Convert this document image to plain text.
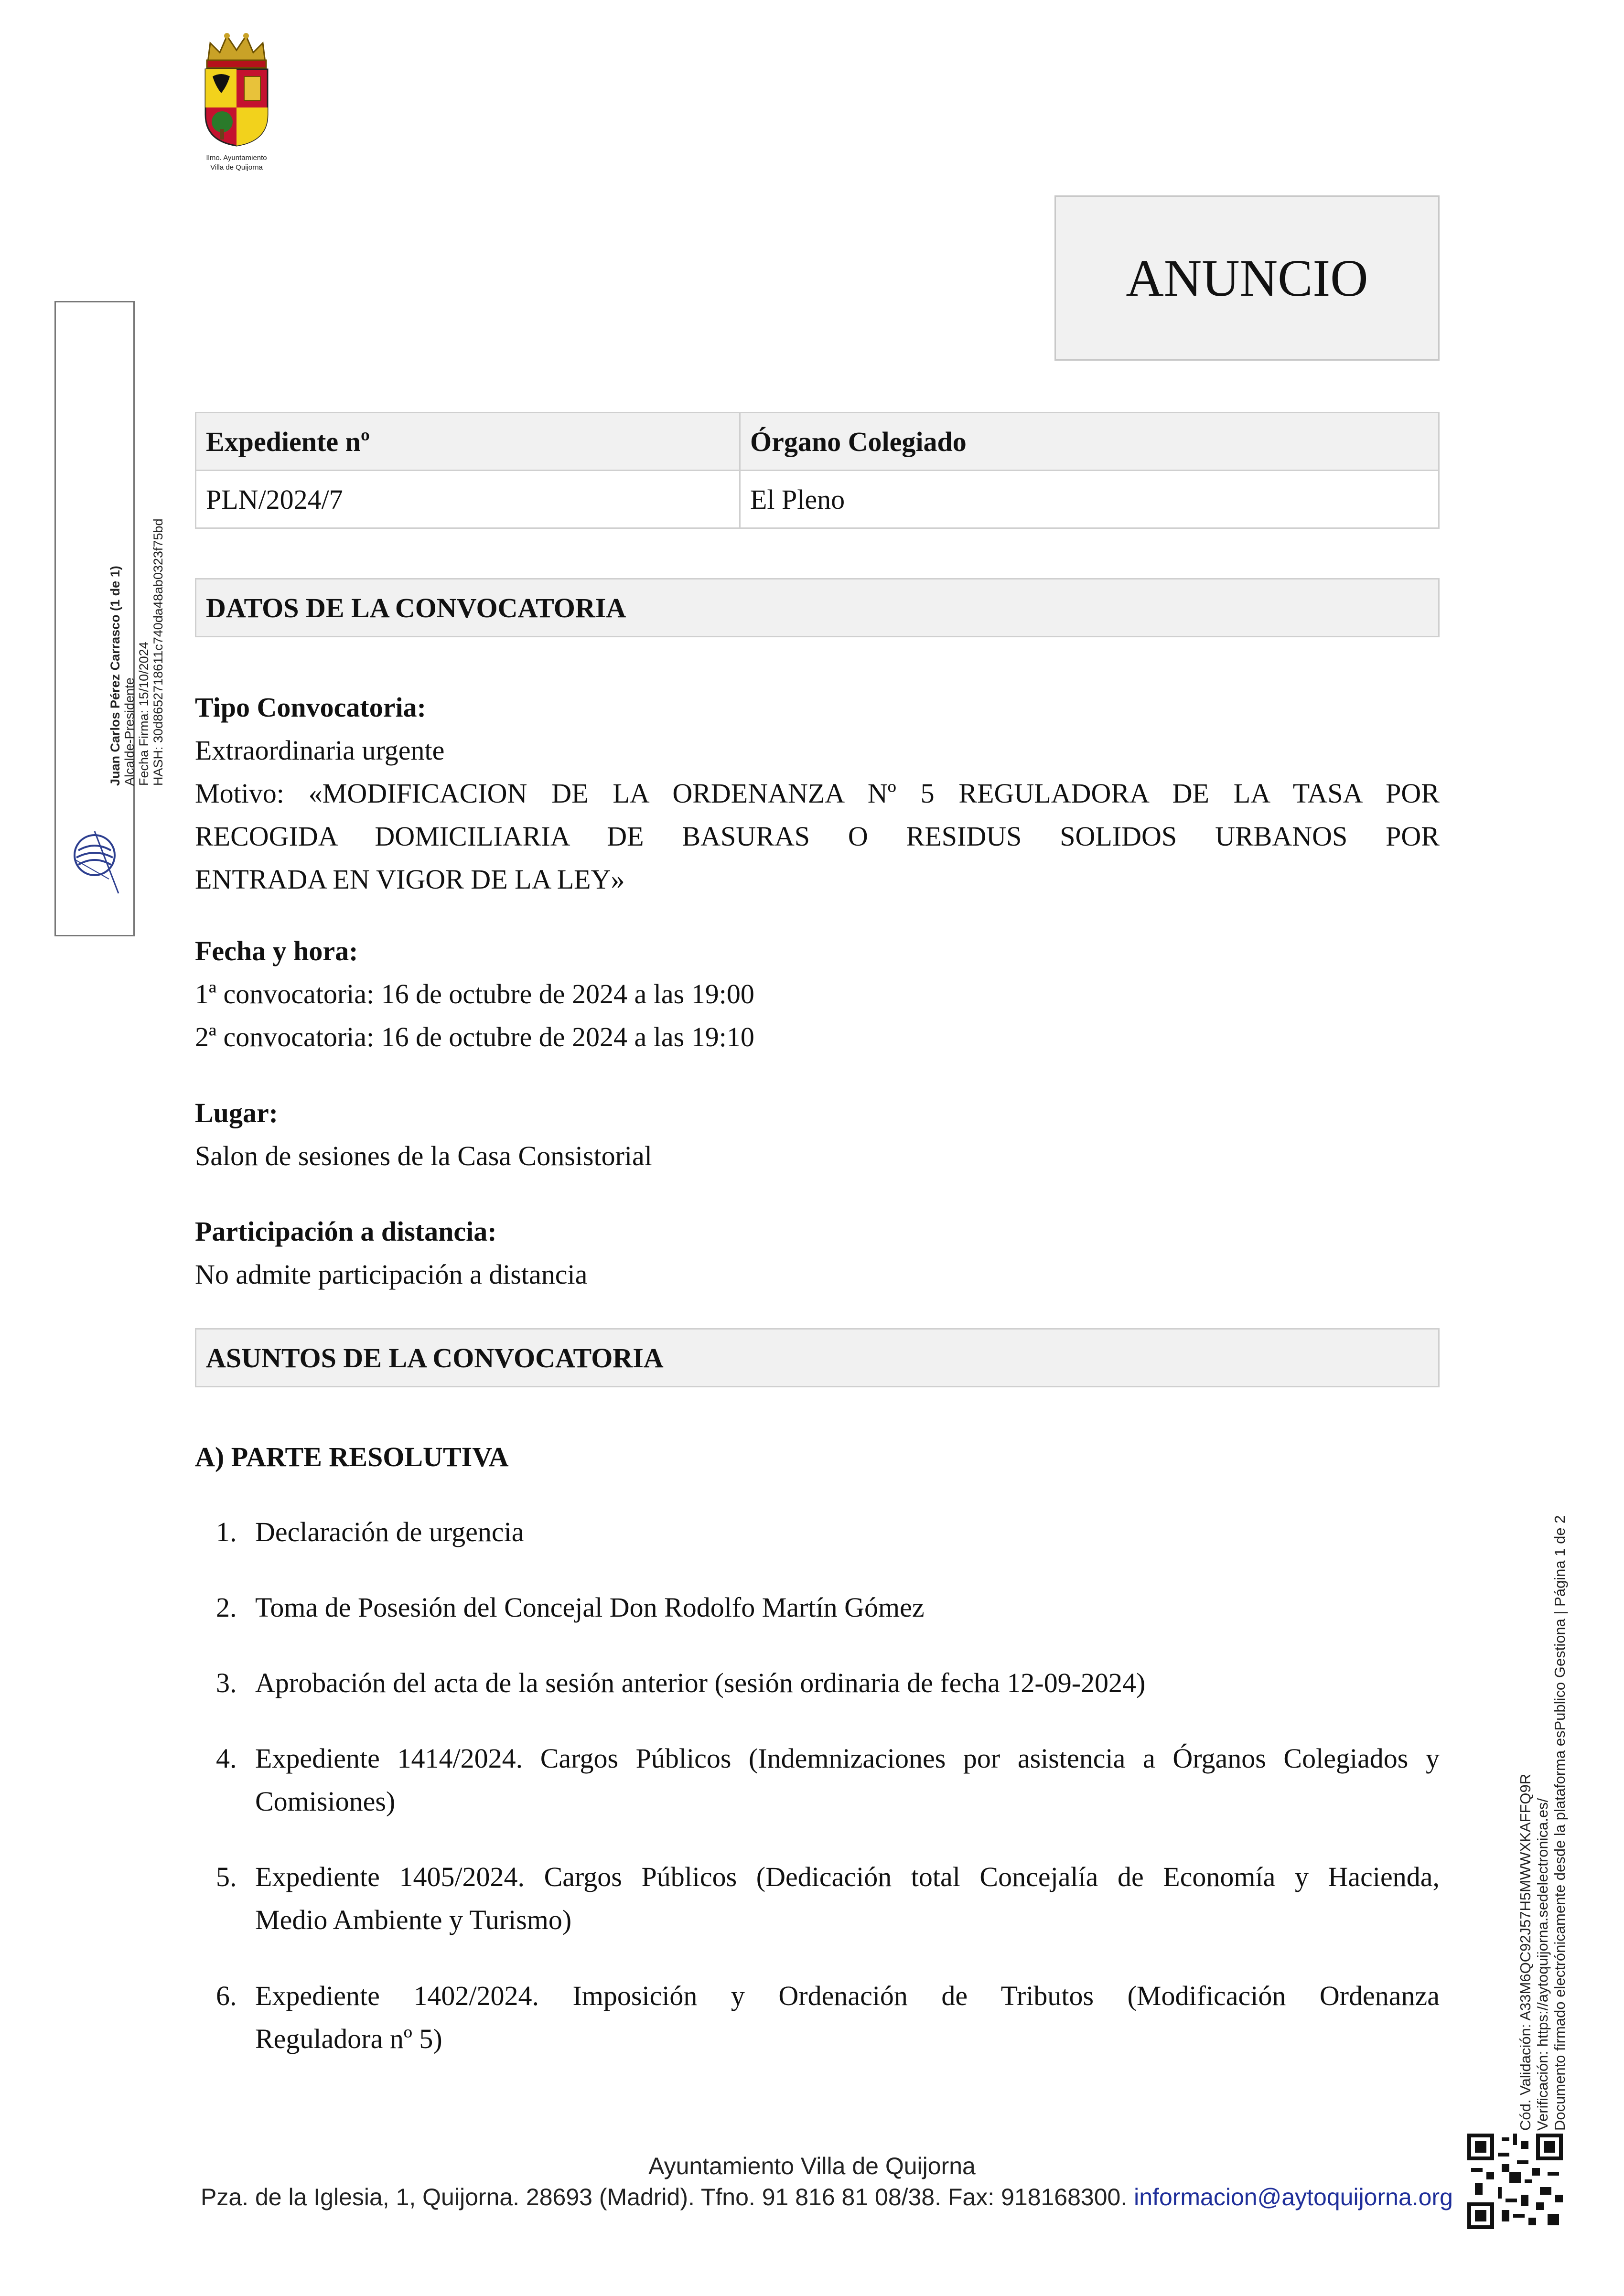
Ilmo. Ayuntamiento
Villa de Quijorna
ANUNCIO
Expediente nº	Órgano Colegiado
PLN/2024/7	El Pleno
DATOS DE LA CONVOCATORIA
Tipo Convocatoria:
Extraordinaria urgente
Motivo: «MODIFICACION DE LA ORDENANZA Nº 5 REGULADORA DE LA TASA POR
RECOGIDA DOMICILIARIA DE BASURAS O RESIDUS SOLIDOS URBANOS POR
ENTRADA EN VIGOR DE LA LEY»
Fecha y hora:
1ª convocatoria: 16 de octubre de 2024 a las 19:00
2ª convocatoria: 16 de octubre de 2024 a las 19:10
Lugar:
Salon de sesiones de la Casa Consistorial
Participación a distancia:
No admite participación a distancia
ASUNTOS DE LA CONVOCATORIA
A) PARTE RESOLUTIVA
1. Declaración de urgencia
2. Toma de Posesión del Concejal Don Rodolfo Martín Gómez
3. Aprobación del acta de la sesión anterior (sesión ordinaria de fecha 12-09-2024)
4. Expediente 1414/2024. Cargos Públicos (Indemnizaciones por asistencia a Órganos Colegiados y
Comisiones)
5. Expediente 1405/2024. Cargos Públicos (Dedicación total Concejalía de Economía y Hacienda,
Medio Ambiente y Turismo)
6. Expediente 1402/2024. Imposición y Ordenación de Tributos (Modificación Ordenanza
Reguladora nº 5)
Juan Carlos Pérez Carrasco (1 de 1) Alcalde-Presidente Fecha Firma: 15/10/2024 HASH: 30d8652718611c740da48ab0323f75bd
Cód. Validación: A33M6QC92J57H5MWWXKAFFQ9R Verificación: https://aytoquijorna.sedelectronica.es/ Documento firmado electrónicamente desde la plataforma esPublico Gestiona | Página 1 de 2
Ayuntamiento Villa de Quijorna
Pza. de la Iglesia, 1, Quijorna. 28693 (Madrid). Tfno. 91 816 81 08/38. Fax: 918168300. informacion@aytoquijorna.org
